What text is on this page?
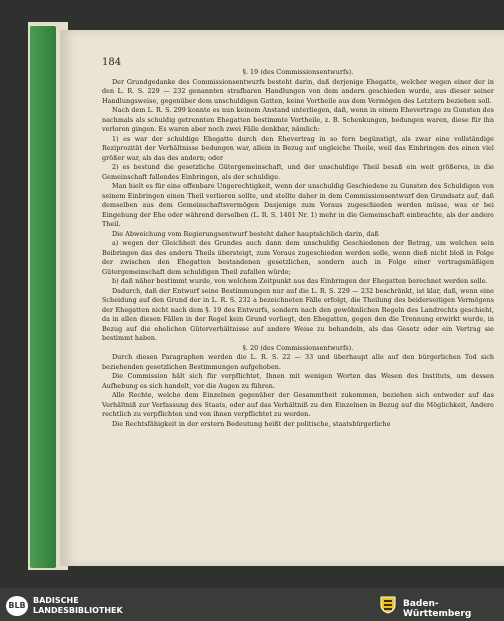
184

§. 19 (des Commissionsentwurfs).

Der Grundgedanke des Commissionsentwurfs besteht darin, daß derjenige Ehegatte, welcher wegen einer der in den L. R. S. 229 — 232 genannten strafbaren Handlungen von dem andern geschieden wurde, aus dieser seiner Handlungsweise, gegenüber dem unschuldigen Gatten, keine Vortheile aus dem Vermögen des Letztern beziehen soll.

Nach dem L. R. S. 299 konnte es nun keinem Anstand unterliegen, daß, wenn in einem Ehevertrage zu Gunsten des nachmals als schuldig getrennten Ehegatten bestimmte Vortheile, z. B. Schenkungen, bedungen waren, diese für ihn verloren gingen. Es waren aber noch zwei Fälle denkbar, nämlich:

1) es war der schuldige Ehegatte durch den Ehevertrag in so fern begünstigt, als zwar eine vollständige Reziprozität der Verhältnisse bedungen war, allein in Bezug auf ungleiche Theile, weil das Einbringen des einen viel größer war, als das des andern; oder

2) es bestund die gesetzliche Gütergemeinschaft, und der unschuldige Theil besaß ein weit größeres, in die Gemeinschaft fallendes Einbringen, als der schuldige.

Man hielt es für eine offenbare Ungerechtigkeit, wenn der unschuldig Geschiedene zu Gunsten des Schuldigen von seinem Einbringen einen Theil verlieren sollte, und stellte daher in dem Commissionsentwurf den Grundsatz auf, daß demselben aus dem Gemeinschaftsvermögen Dasjenige zum Voraus zugeschieden werden müsse, was er bei Eingehung der Ehe oder während derselben (L. R. S. 1401 Nr. 1) mehr in die Gemeinschaft einbrachte, als der andere Theil.

Die Abweichung vom Regierungsentwurf besteht daher hauptsächlich darin, daß

a) wegen der Gleichheit des Grundes auch dann dem unschuldig Geschiedenen der Betrag, um welchen sein Beibringen das des andern Theils übersteigt, zum Voraus zugeschieden werden solle, wenn dieß nicht bloß in Folge der zwischen den Ehegatten bestandenen gesetzlichen, sondern auch in Folge einer vertragsmäßigen Gütergemeinschaft dem schuldigen Theil zufallen würde;

b) daß näher bestimmt wurde, von welchem Zeitpunkt aus das Einbringen der Ehegatten berechnet werden solle.

Dadurch, daß der Entwurf seine Bestimmungen nur auf die L. R. S. 229 — 232 beschränkt, ist klar, daß, wenn eine Scheidung auf den Grund der in L. R. S. 232 a bezeichneten Fälle erfolgt, die Theilung des beiderseitigen Vermögens der Ehegatten nicht nach dem §. 19 des Entwurfs, sondern nach den gewöhnlichen Regeln des Landrechts geschieht, da in allen diesen Fällen in der Regel kein Grund vorliegt, den Ehegatten, gegen den die Trennung erwirkt wurde, in Bezug auf die ehelichen Güterverhältnisse auf andere Weise zu behandeln, als das Gesetz oder ein Vertrag sie bestimmt haben.

§. 20 (des Commissionsentwurfs).

Durch diesen Paragraphen werden die L. R. S. 22 — 33 und überhaupt alle auf den bürgerlichen Tod sich beziehenden gesetzlichen Bestimmungen aufgehoben.

Die Commission hält sich für verpflichtet, Ihnen mit wenigen Worten das Wesen des Instituts, um dessen Aufhebung es sich handelt, vor die Augen zu führen.

Alle Rechte, welche dem Einzelnen gegenüber der Gesammtheit zukommen, beziehen sich entweder auf das Verhältniß zur Verfassung des Staats, oder auf das Verhältniß zu den Einzelnen in Bezug auf die Möglichkeit, Andere rechtlich zu verpflichten und von ihnen verpflichtet zu werden.

Die Rechtsfähigkeit in der erstern Bedeutung heißt der politische, staatsbürgerliche

BLB
BADISCHE
LANDESBIBLIOTHEK
Baden-Württemberg
